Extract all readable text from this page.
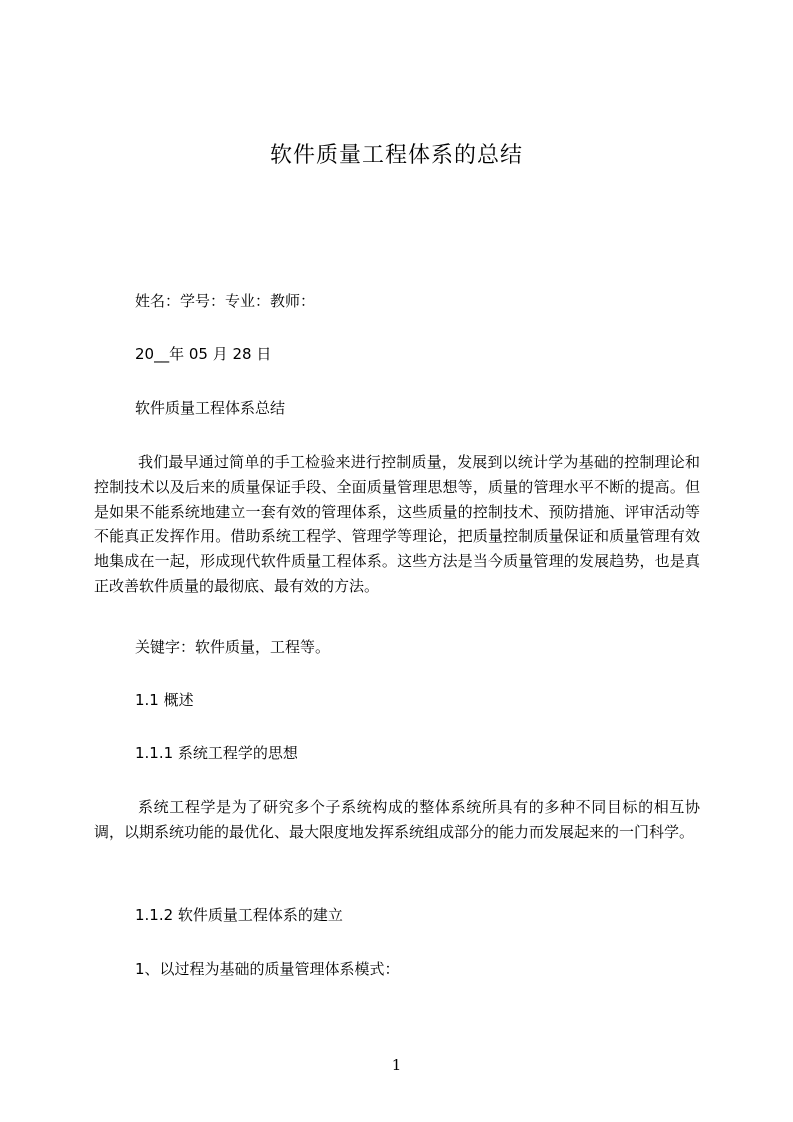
软件质量工程体系的总结
姓名：学号：专业：教师：
20__年 05 月 28 日
软件质量工程体系总结
我们最早通过简单的手工检验来进行控制质量，发展到以统计学为基础的控制理论和控制技术以及后来的质量保证手段、全面质量管理思想等，质量的管理水平不断的提高。但是如果不能系统地建立一套有效的管理体系，这些质量的控制技术、预防措施、评审活动等不能真正发挥作用。借助系统工程学、管理学等理论，把质量控制质量保证和质量管理有效地集成在一起，形成现代软件质量工程体系。这些方法是当今质量管理的发展趋势，也是真正改善软件质量的最彻底、最有效的方法。
关键字：软件质量，工程等。
1.1 概述
1.1.1 系统工程学的思想
系统工程学是为了研究多个子系统构成的整体系统所具有的多种不同目标的相互协调，以期系统功能的最优化、最大限度地发挥系统组成部分的能力而发展起来的一门科学。
1.1.2 软件质量工程体系的建立
1、以过程为基础的质量管理体系模式：
1
